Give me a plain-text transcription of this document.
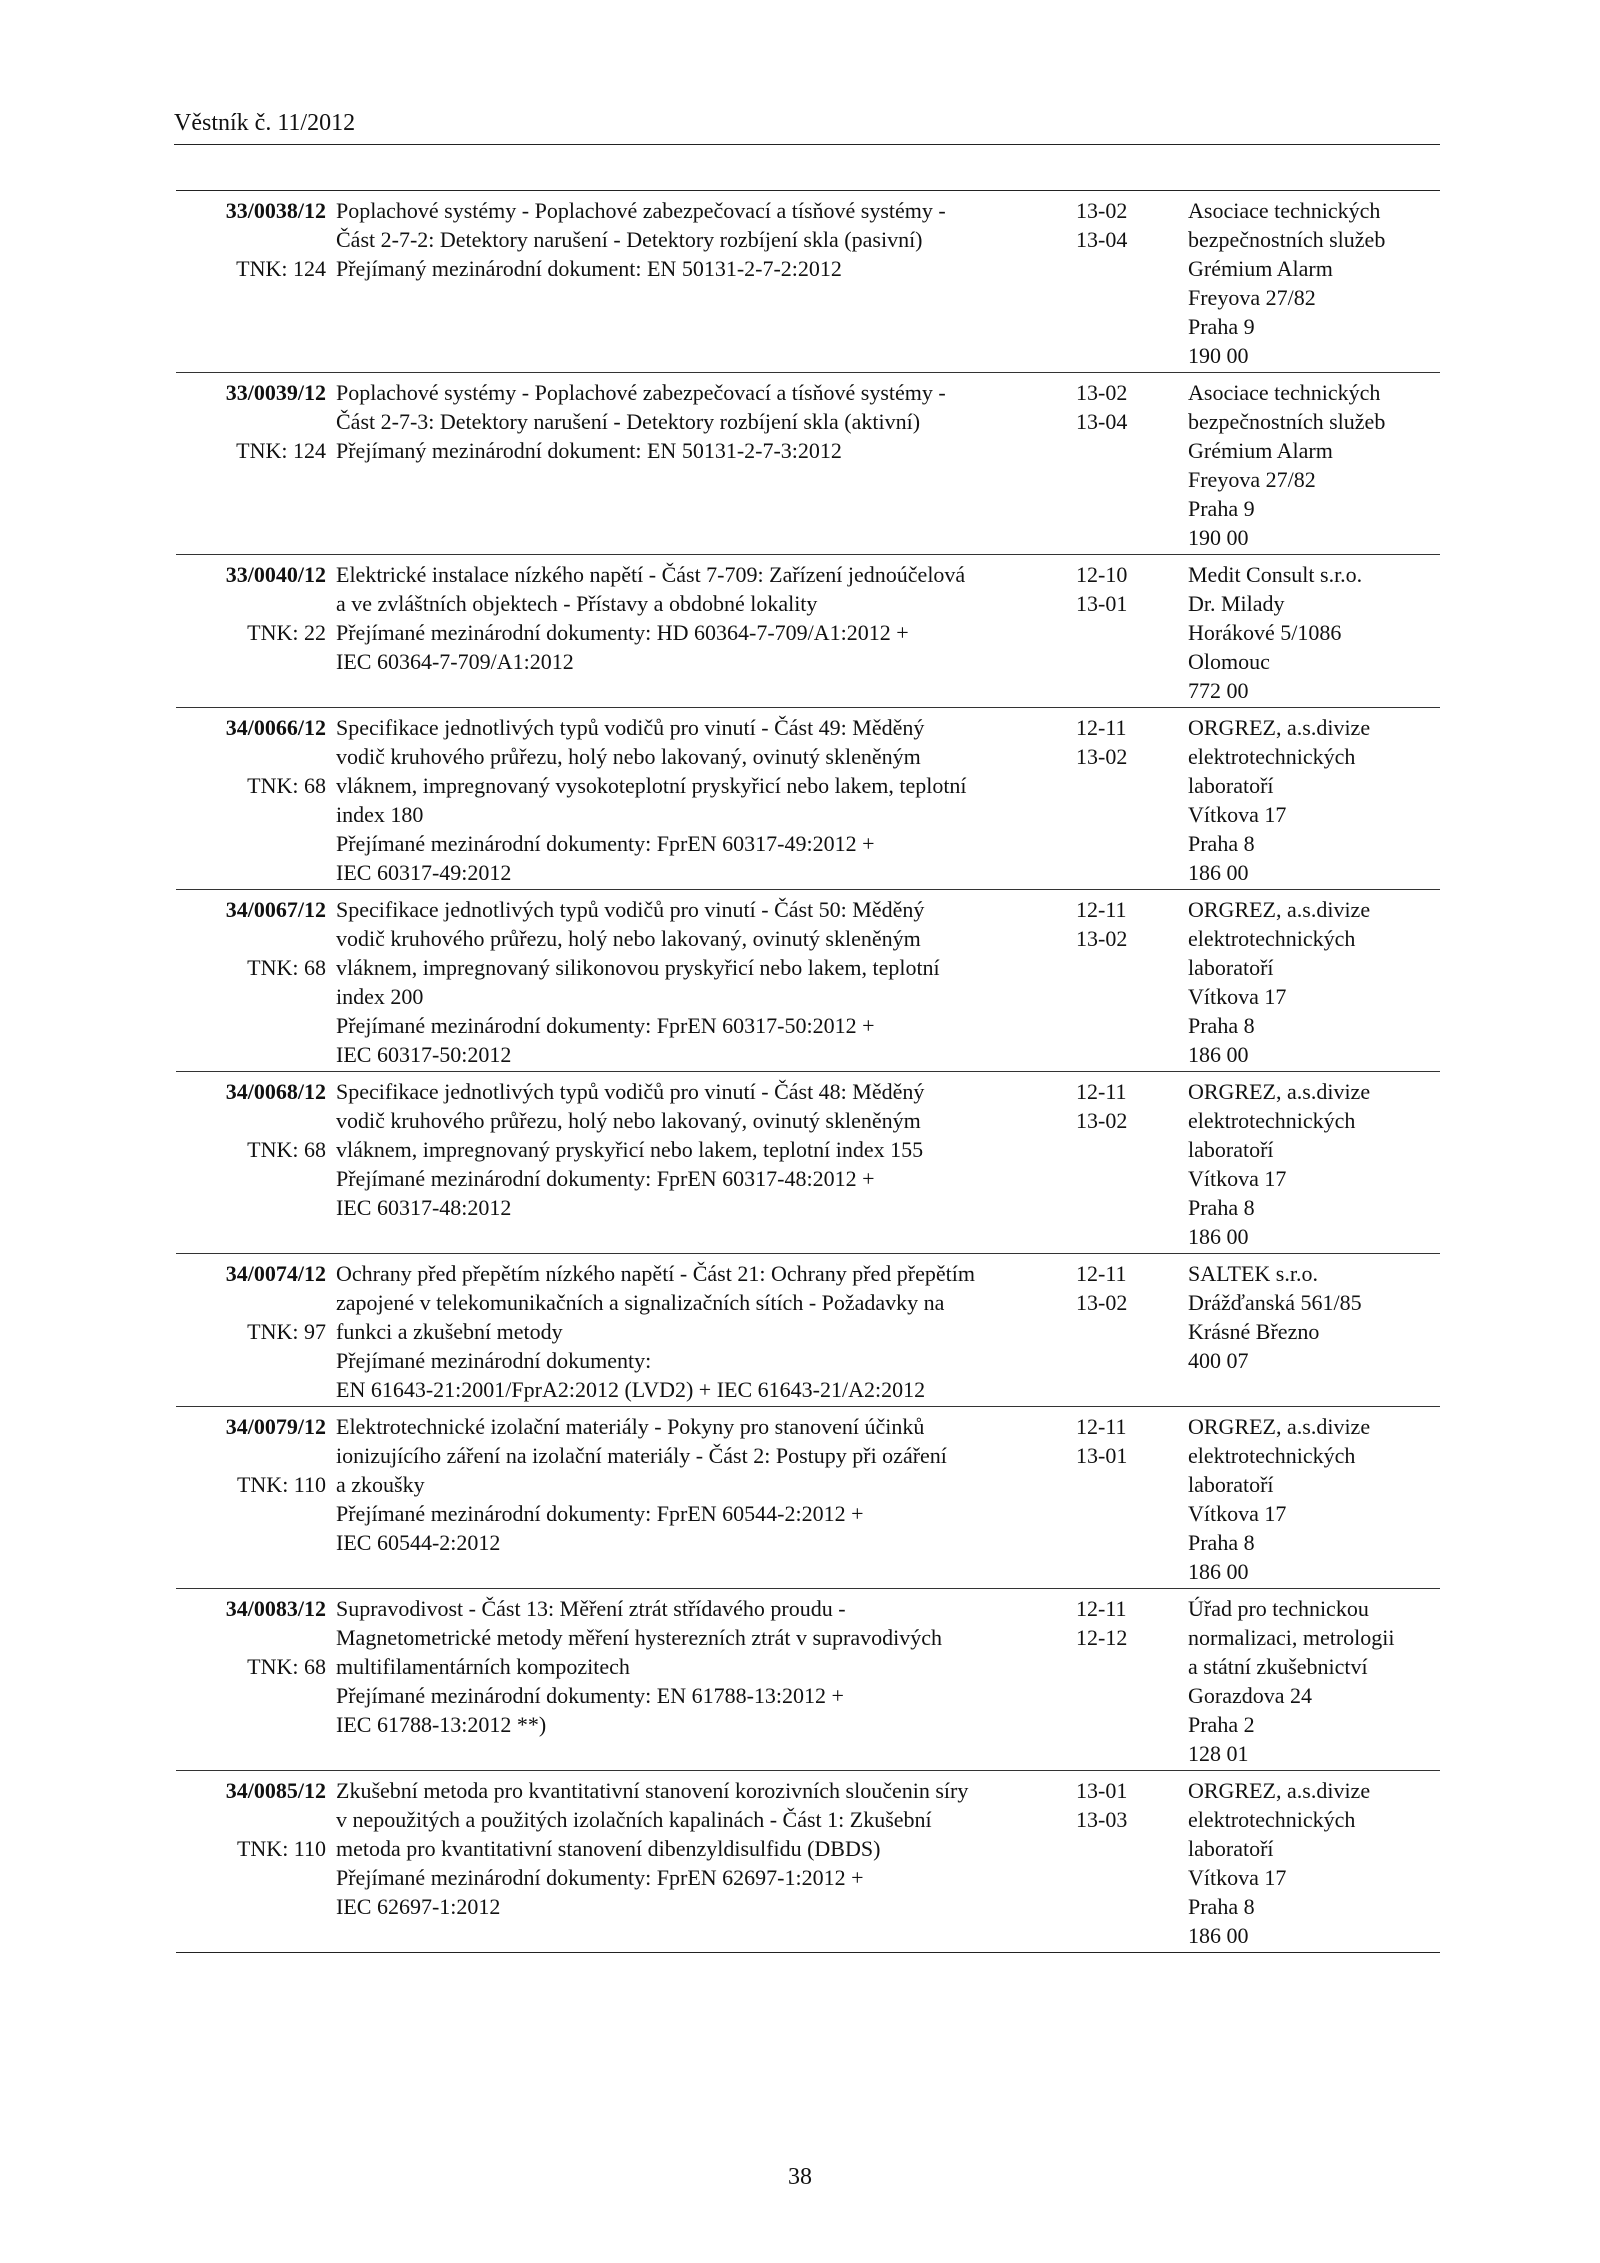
Věstník č. 11/2012
33/0038/12
TNK: 124
Poplachové systémy - Poplachové zabezpečovací a tísňové systémy -
Část 2-7-2: Detektory narušení - Detektory rozbíjení skla (pasivní)
Přejímaný mezinárodní dokument: EN 50131-2-7-2:2012
13-02
13-04
Asociace technických
bezpečnostních služeb
Grémium Alarm
Freyova 27/82
Praha 9
190 00
33/0039/12
TNK: 124
Poplachové systémy - Poplachové zabezpečovací a tísňové systémy -
Část 2-7-3: Detektory narušení - Detektory rozbíjení skla (aktivní)
Přejímaný mezinárodní dokument: EN 50131-2-7-3:2012
13-02
13-04
Asociace technických
bezpečnostních služeb
Grémium Alarm
Freyova 27/82
Praha 9
190 00
33/0040/12
TNK: 22
Elektrické instalace nízkého napětí - Část 7-709: Zařízení jednoúčelová
a ve zvláštních objektech - Přístavy a obdobné lokality
Přejímané mezinárodní dokumenty: HD 60364-7-709/A1:2012 +
IEC 60364-7-709/A1:2012
12-10
13-01
Medit Consult s.r.o.
Dr. Milady
Horákové 5/1086
Olomouc
772 00
34/0066/12
TNK: 68
Specifikace jednotlivých typů vodičů pro vinutí - Část 49: Měděný
vodič kruhového průřezu, holý nebo lakovaný, ovinutý skleněným
vláknem, impregnovaný vysokoteplotní pryskyřicí nebo lakem, teplotní
index 180
Přejímané mezinárodní dokumenty: FprEN 60317-49:2012 +
IEC 60317-49:2012
12-11
13-02
ORGREZ, a.s.divize
elektrotechnických
laboratoří
Vítkova 17
Praha 8
186 00
34/0067/12
TNK: 68
Specifikace jednotlivých typů vodičů pro vinutí - Část 50: Měděný
vodič kruhového průřezu, holý nebo lakovaný, ovinutý skleněným
vláknem, impregnovaný silikonovou pryskyřicí nebo lakem, teplotní
index 200
Přejímané mezinárodní dokumenty: FprEN 60317-50:2012 +
IEC 60317-50:2012
12-11
13-02
ORGREZ, a.s.divize
elektrotechnických
laboratoří
Vítkova 17
Praha 8
186 00
34/0068/12
TNK: 68
Specifikace jednotlivých typů vodičů pro vinutí - Část 48: Měděný
vodič kruhového průřezu, holý nebo lakovaný, ovinutý skleněným
vláknem, impregnovaný pryskyřicí nebo lakem, teplotní index 155
Přejímané mezinárodní dokumenty: FprEN 60317-48:2012 +
IEC 60317-48:2012
12-11
13-02
ORGREZ, a.s.divize
elektrotechnických
laboratoří
Vítkova 17
Praha 8
186 00
34/0074/12
TNK: 97
Ochrany před přepětím nízkého napětí - Část 21: Ochrany před přepětím
zapojené v telekomunikačních a signalizačních sítích - Požadavky na
funkci a zkušební metody
Přejímané mezinárodní dokumenty:
EN 61643-21:2001/FprA2:2012 (LVD2) + IEC 61643-21/A2:2012
12-11
13-02
SALTEK s.r.o.
Drážďanská 561/85
Krásné Březno
400 07
34/0079/12
TNK: 110
Elektrotechnické izolační materiály - Pokyny pro stanovení účinků
ionizujícího záření na izolační materiály - Část 2: Postupy při ozáření
a zkoušky
Přejímané mezinárodní dokumenty: FprEN 60544-2:2012 +
IEC 60544-2:2012
12-11
13-01
ORGREZ, a.s.divize
elektrotechnických
laboratoří
Vítkova 17
Praha 8
186 00
34/0083/12
TNK: 68
Supravodivost - Část 13: Měření ztrát střídavého proudu -
Magnetometrické metody měření hysterezních ztrát v supravodivých
multifilamentárních kompozitech
Přejímané mezinárodní dokumenty: EN 61788-13:2012 +
IEC 61788-13:2012 **)
12-11
12-12
Úřad pro technickou
normalizaci, metrologii
a státní zkušebnictví
Gorazdova 24
Praha 2
128 01
34/0085/12
TNK: 110
Zkušební metoda pro kvantitativní stanovení korozivních sloučenin síry
v nepoužitých a použitých izolačních kapalinách - Část 1: Zkušební
metoda pro kvantitativní stanovení dibenzyldisulfidu (DBDS)
Přejímané mezinárodní dokumenty: FprEN 62697-1:2012 +
IEC 62697-1:2012
13-01
13-03
ORGREZ, a.s.divize
elektrotechnických
laboratoří
Vítkova 17
Praha 8
186 00
38
